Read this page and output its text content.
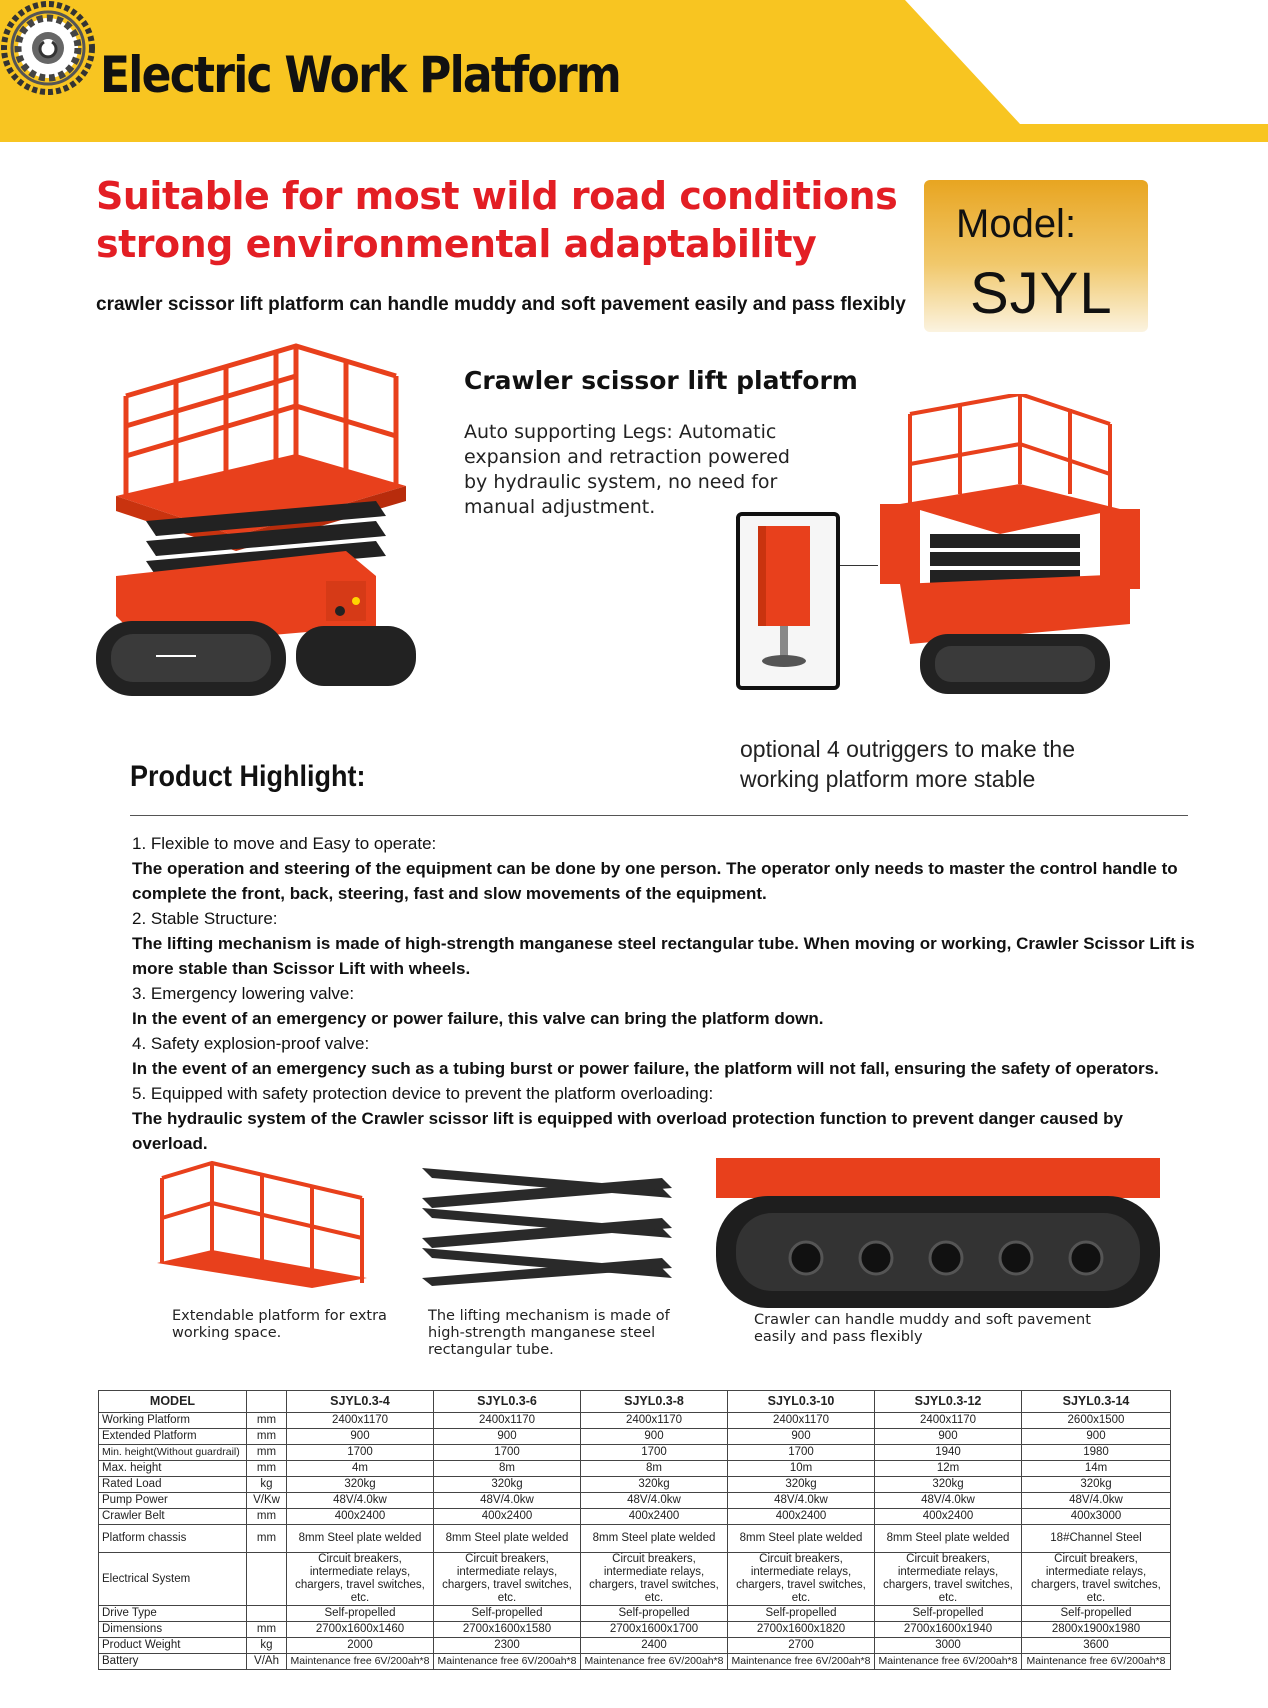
Electric Work Platform
Suitable for most wild road conditions
strong environmental adaptability
crawler scissor lift platform can handle muddy and soft pavement easily and pass flexibly
Model:
SJYL
Crawler scissor lift platform
Auto supporting Legs: Automatic expansion and retraction powered by hydraulic system, no need for manual adjustment.
optional 4 outriggers to make the working platform more stable
Product Highlight:
1. Flexible to move and Easy to operate:
The operation and steering of the equipment can be done by one person. The operator only needs to master the control handle to complete the front, back, steering, fast and slow movements of the equipment.
2. Stable Structure:
The lifting mechanism is made of high-strength manganese steel rectangular tube. When moving or working, Crawler Scissor Lift is more stable than Scissor Lift with wheels.
3. Emergency lowering valve:
In the event of an emergency or power failure, this valve can bring the platform down.
4. Safety explosion-proof valve:
In the event of an emergency such as a tubing burst or power failure, the platform will not fall, ensuring the safety of operators.
5. Equipped with safety protection device to prevent the platform overloading:
The hydraulic system of the Crawler scissor lift is equipped with overload protection function to prevent danger caused by overload.
Extendable platform for extra working space.
The lifting mechanism is made of high-strength manganese steel rectangular tube.
Crawler can handle muddy and soft pavement easily and pass flexibly
MODEL		SJYL0.3-4	SJYL0.3-6	SJYL0.3-8	SJYL0.3-10	SJYL0.3-12	SJYL0.3-14
Working Platform	mm	2400x1170	2400x1170	2400x1170	2400x1170	2400x1170	2600x1500
Extended Platform	mm	900	900	900	900	900	900
Min. height(Without guardrail)	mm	1700	1700	1700	1700	1940	1980
Max. height	mm	4m	8m	8m	10m	12m	14m
Rated Load	kg	320kg	320kg	320kg	320kg	320kg	320kg
Pump Power	V/Kw	48V/4.0kw	48V/4.0kw	48V/4.0kw	48V/4.0kw	48V/4.0kw	48V/4.0kw
Crawler Belt	mm	400x2400	400x2400	400x2400	400x2400	400x2400	400x3000
Platform chassis	mm	8mm Steel plate welded	8mm Steel plate welded	8mm Steel plate welded	8mm Steel plate welded	8mm Steel plate welded	18#Channel Steel
Electrical System		Circuit breakers, intermediate relays, chargers, travel switches, etc.	Circuit breakers, intermediate relays, chargers, travel switches, etc.	Circuit breakers, intermediate relays, chargers, travel switches, etc.	Circuit breakers, intermediate relays, chargers, travel switches, etc.	Circuit breakers, intermediate relays, chargers, travel switches, etc.	Circuit breakers, intermediate relays, chargers, travel switches, etc.
Drive Type		Self-propelled	Self-propelled	Self-propelled	Self-propelled	Self-propelled	Self-propelled
Dimensions	mm	2700x1600x1460	2700x1600x1580	2700x1600x1700	2700x1600x1820	2700x1600x1940	2800x1900x1980
Product Weight	kg	2000	2300	2400	2700	3000	3600
Battery	V/Ah	Maintenance free 6V/200ah*8	Maintenance free 6V/200ah*8	Maintenance free 6V/200ah*8	Maintenance free 6V/200ah*8	Maintenance free 6V/200ah*8	Maintenance free 6V/200ah*8
